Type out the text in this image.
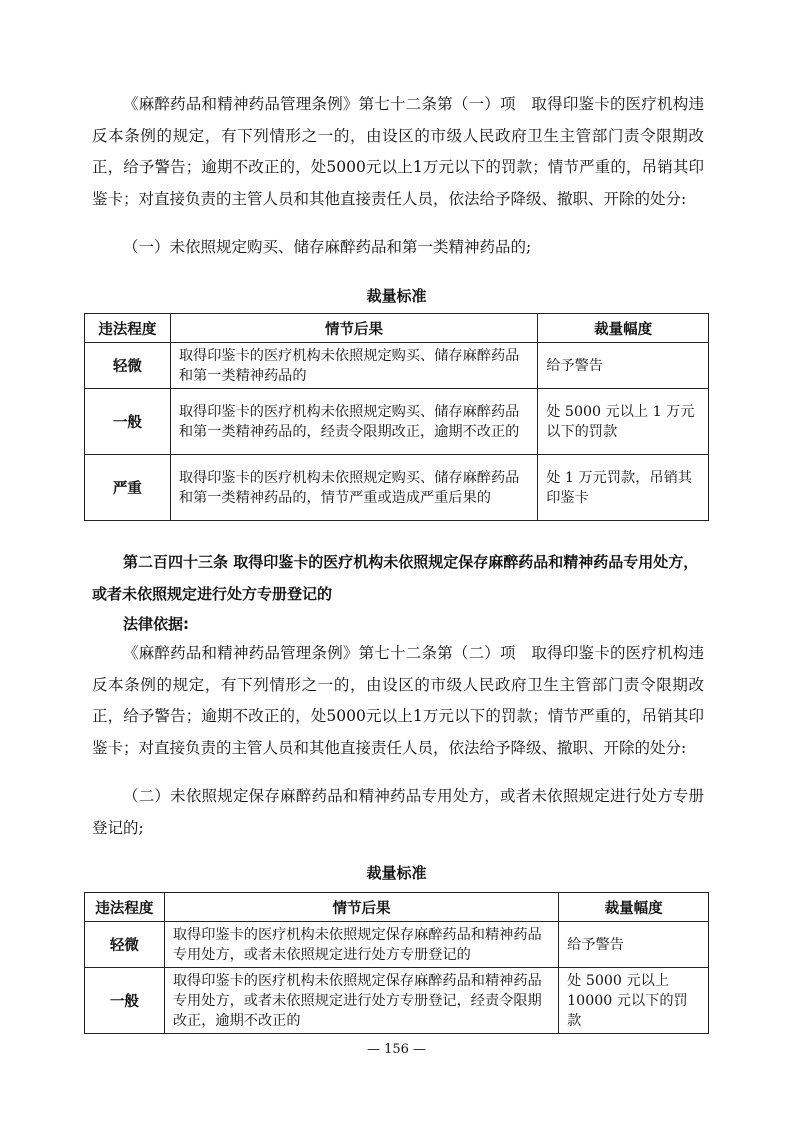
《麻醉药品和精神药品管理条例》第七十二条第（一）项　取得印鉴卡的医疗机构违反本条例的规定，有下列情形之一的，由设区的市级人民政府卫生主管部门责令限期改正，给予警告；逾期不改正的，处5000元以上1万元以下的罚款；情节严重的，吊销其印鉴卡；对直接负责的主管人员和其他直接责任人员，依法给予降级、撤职、开除的处分:

（一）未依照规定购买、储存麻醉药品和第一类精神药品的;

裁量标准
违法程度	情节后果	裁量幅度
轻微	取得印鉴卡的医疗机构未依照规定购买、储存麻醉药品和第一类精神药品的	给予警告
一般	取得印鉴卡的医疗机构未依照规定购买、储存麻醉药品和第一类精神药品的，经责令限期改正，逾期不改正的	处 5000 元以上 1 万元以下的罚款
严重	取得印鉴卡的医疗机构未依照规定购买、储存麻醉药品和第一类精神药品的，情节严重或造成严重后果的	处 1 万元罚款，吊销其印鉴卡

第二百四十三条 取得印鉴卡的医疗机构未依照规定保存麻醉药品和精神药品专用处方，或者未依照规定进行处方专册登记的

法律依据:

《麻醉药品和精神药品管理条例》第七十二条第（二）项　取得印鉴卡的医疗机构违反本条例的规定，有下列情形之一的，由设区的市级人民政府卫生主管部门责令限期改正，给予警告；逾期不改正的，处5000元以上1万元以下的罚款；情节严重的，吊销其印鉴卡；对直接负责的主管人员和其他直接责任人员，依法给予降级、撤职、开除的处分:

（二）未依照规定保存麻醉药品和精神药品专用处方，或者未依照规定进行处方专册登记的;

裁量标准
违法程度	情节后果	裁量幅度
轻微	取得印鉴卡的医疗机构未依照规定保存麻醉药品和精神药品专用处方，或者未依照规定进行处方专册登记的	给予警告
一般	取得印鉴卡的医疗机构未依照规定保存麻醉药品和精神药品专用处方，或者未依照规定进行处方专册登记，经责令限期改正，逾期不改正的	处 5000 元以上 10000 元以下的罚款
— 156 —
